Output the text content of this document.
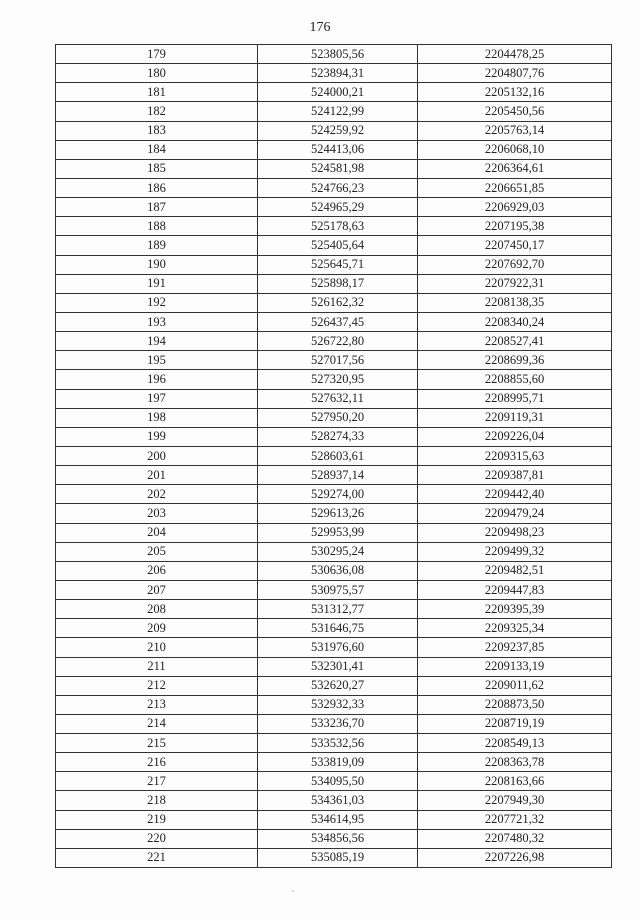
176
179	523805,56	2204478,25
180	523894,31	2204807,76
181	524000,21	2205132,16
182	524122,99	2205450,56
183	524259,92	2205763,14
184	524413,06	2206068,10
185	524581,98	2206364,61
186	524766,23	2206651,85
187	524965,29	2206929,03
188	525178,63	2207195,38
189	525405,64	2207450,17
190	525645,71	2207692,70
191	525898,17	2207922,31
192	526162,32	2208138,35
193	526437,45	2208340,24
194	526722,80	2208527,41
195	527017,56	2208699,36
196	527320,95	2208855,60
197	527632,11	2208995,71
198	527950,20	2209119,31
199	528274,33	2209226,04
200	528603,61	2209315,63
201	528937,14	2209387,81
202	529274,00	2209442,40
203	529613,26	2209479,24
204	529953,99	2209498,23
205	530295,24	2209499,32
206	530636,08	2209482,51
207	530975,57	2209447,83
208	531312,77	2209395,39
209	531646,75	2209325,34
210	531976,60	2209237,85
211	532301,41	2209133,19
212	532620,27	2209011,62
213	532932,33	2208873,50
214	533236,70	2208719,19
215	533532,56	2208549,13
216	533819,09	2208363,78
217	534095,50	2208163,66
218	534361,03	2207949,30
219	534614,95	2207721,32
220	534856,56	2207480,32
221	535085,19	2207226,98
